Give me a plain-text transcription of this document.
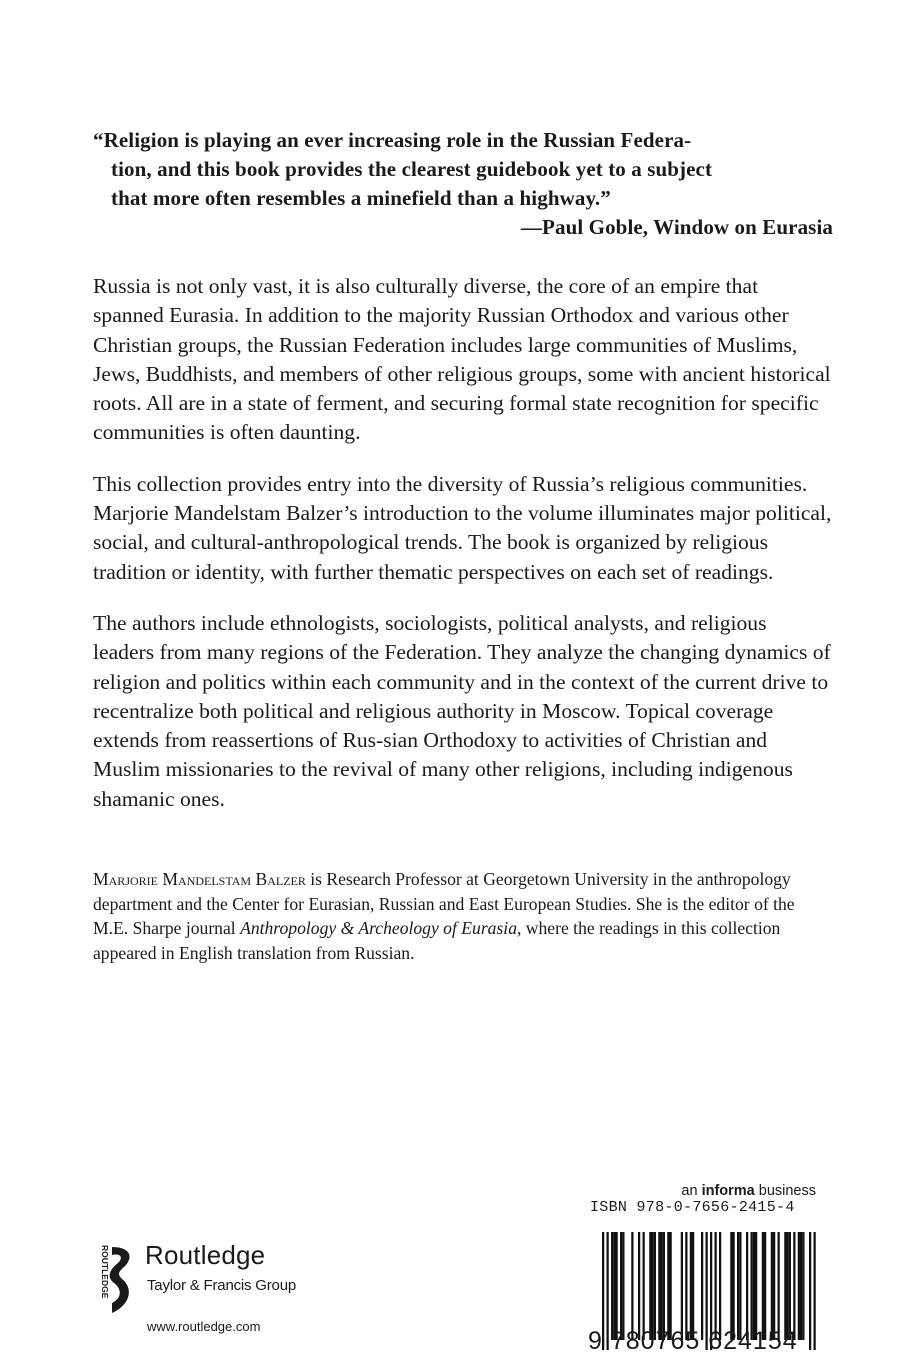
“Religion is playing an ever increasing role in the Russian Federa-

tion, and this book provides the clearest guidebook yet to a subject

that more often resembles a minefield than a highway.”

—Paul Goble, Window on Eurasia

Russia is not only vast, it is also culturally diverse, the core of an empire that spanned Eurasia. In addition to the majority Russian Orthodox and various other Christian groups, the Russian Federation includes large communities of Muslims, Jews, Buddhists, and members of other religious groups, some with ancient historical roots. All are in a state of ferment, and securing formal state recognition for specific communities is often daunting.

This collection provides entry into the diversity of Russia’s religious communities. Marjorie Mandelstam Balzer’s introduction to the volume illuminates major political, social, and cultural-anthropological trends. The book is organized by religious tradition or identity, with further thematic perspectives on each set of readings.

The authors include ethnologists, sociologists, political analysts, and religious leaders from many regions of the Federation. They analyze the changing dynamics of religion and politics within each community and in the context of the current drive to recentralize both political and religious authority in Moscow. Topical coverage extends from reassertions of Rus-sian Orthodoxy to activities of Christian and Muslim missionaries to the revival of many other religions, including indigenous shamanic ones.

Marjorie Mandelstam Balzer is Research Professor at Georgetown University in the anthropology department and the Center for Eurasian, Russian and East European Studies. She is the editor of the M.E. Sharpe journal Anthropology & Archeology of Eurasia, where the readings in this collection appeared in English translation from Russian.

ROUTLEDGE Routledge
Taylor & Francis Group
www.routledge.com
an informa business
ISBN 978-0-7656-2415-4
9 780765 624154
